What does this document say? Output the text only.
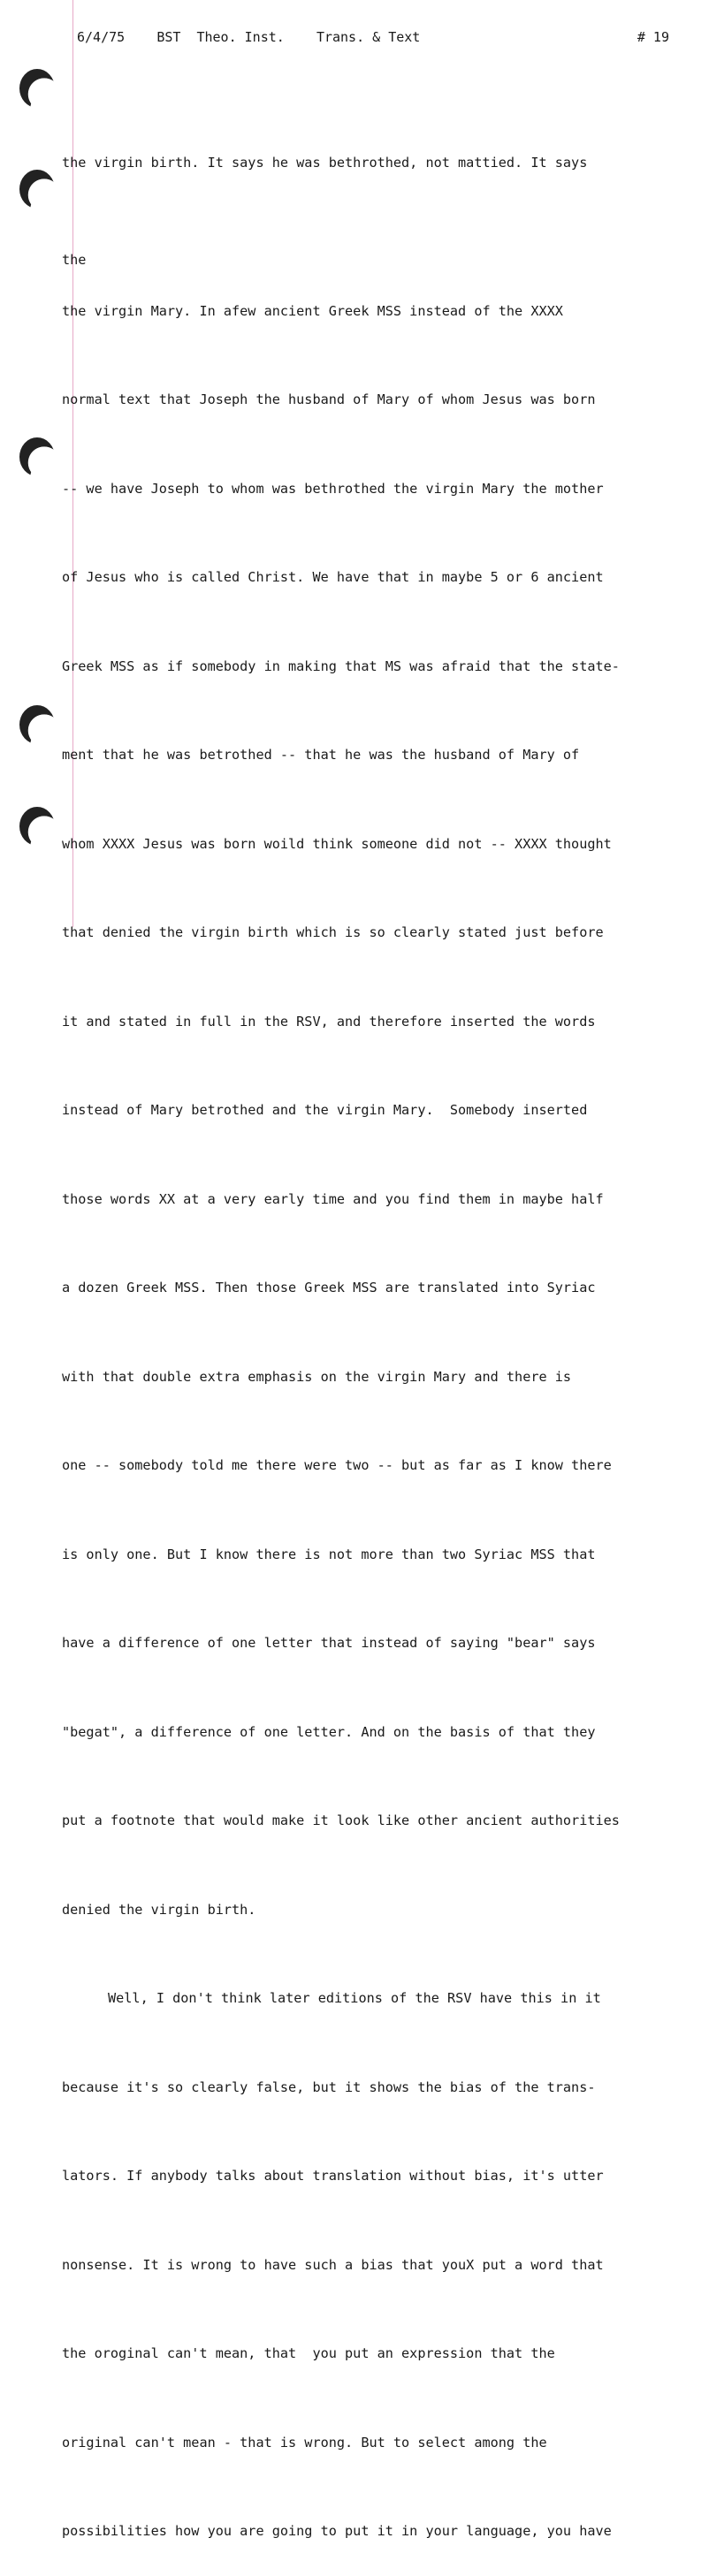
6/4/75 BST Theo. Inst. Trans. & Text	# 19

the virgin birth. It says he was bethrothed, not mattied. It says

the

the virgin Mary. In afew ancient Greek MSS instead of the XXXX

normal text that Joseph the husband of Mary of whom Jesus was born

-- we have Joseph to whom was bethrothed the virgin Mary the mother

of Jesus who is called Christ. We have that in maybe 5 or 6 ancient

Greek MSS as if somebody in making that MS was afraid that the state-

ment that he was betrothed -- that he was the husband of Mary of

whom XXXX Jesus was born woild think someone did not -- XXXX thought

that denied the virgin birth which is so clearly stated just before

it and stated in full in the RSV, and therefore inserted the words

instead of Mary betrothed and the virgin Mary.  Somebody inserted

those words XX at a very early time and you find them in maybe half

a dozen Greek MSS. Then those Greek MSS are translated into Syriac

with that double extra emphasis on the virgin Mary and there is

one -- somebody told me there were two -- but as far as I know there

is only one. But I know there is not more than two Syriac MSS that

have a difference of one letter that instead of saying "bear" says

"begat", a difference of one letter. And on the basis of that they

put a footnote that would make it look like other ancient authorities

denied the virgin birth.

Well, I don't think later editions of the RSV have this in it

because it's so clearly false, but it shows the bias of the trans-

lators. If anybody talks about translation without bias, it's utter

nonsense. It is wrong to have such a bias that youX put a word that

the oroginal can't mean, that  you put an expression that the

original can't mean - that is wrong. But to select among the

possibilities how you are going to put it in your language, you have
